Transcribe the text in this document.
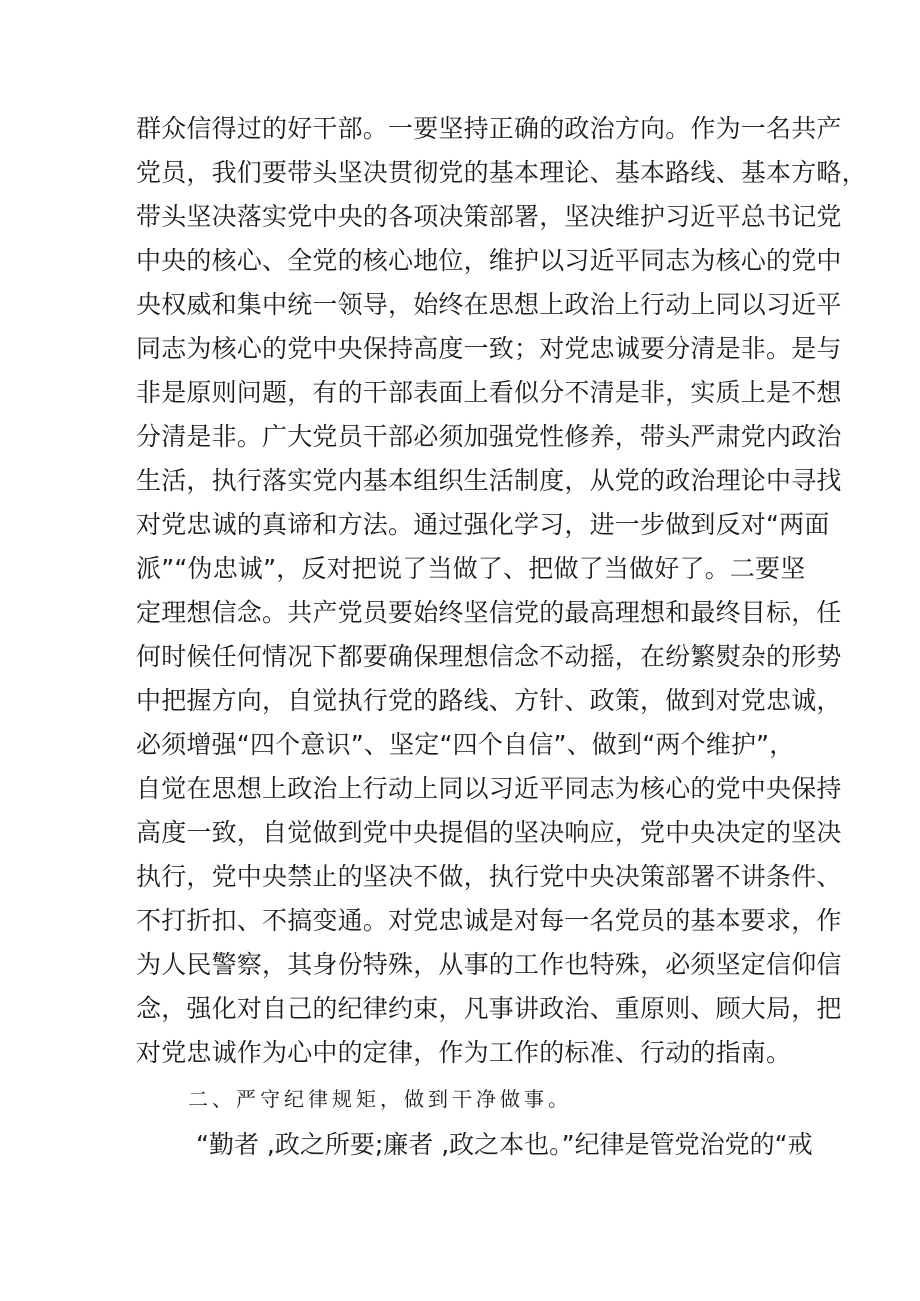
群众信得过的好干部。一要坚持正确的政治方向。作为一名共产
党员，我们要带头坚决贯彻党的基本理论、基本路线、基本方略，
带头坚决落实党中央的各项决策部署，坚决维护习近平总书记党
中央的核心、全党的核心地位，维护以习近平同志为核心的党中
央权威和集中统一领导，始终在思想上政治上行动上同以习近平
同志为核心的党中央保持高度一致；对党忠诚要分清是非。是与
非是原则问题，有的干部表面上看似分不清是非，实质上是不想
分清是非。广大党员干部必须加强党性修养，带头严肃党内政治
生活，执行落实党内基本组织生活制度，从党的政治理论中寻找
对党忠诚的真谛和方法。通过强化学习，进一步做到反对“两面
派”“伪忠诚”，反对把说了当做了、把做了当做好了。二要坚
定理想信念。共产党员要始终坚信党的最高理想和最终目标，任
何时候任何情况下都要确保理想信念不动摇，在纷繁熨杂的形势
中把握方向，自觉执行党的路线、方针、政策，做到对党忠诚，
必须增强“四个意识”、坚定“四个自信”、做到“两个维护”，
自觉在思想上政治上行动上同以习近平同志为核心的党中央保持
高度一致，自觉做到党中央提倡的坚决响应，党中央决定的坚决
执行，党中央禁止的坚决不做，执行党中央决策部署不讲条件、
不打折扣、不搞变通。对党忠诚是对每一名党员的基本要求，作
为人民警察，其身份特殊，从事的工作也特殊，必须坚定信仰信
念，强化对自己的纪律约束，凡事讲政治、重原则、顾大局，把
对党忠诚作为心中的定律，作为工作的标准、行动的指南。
二、严守纪律规矩，做到干净做事。
“勤者 ,政之所要;廉者 ,政之本也。”纪律是管党治党的“戒
